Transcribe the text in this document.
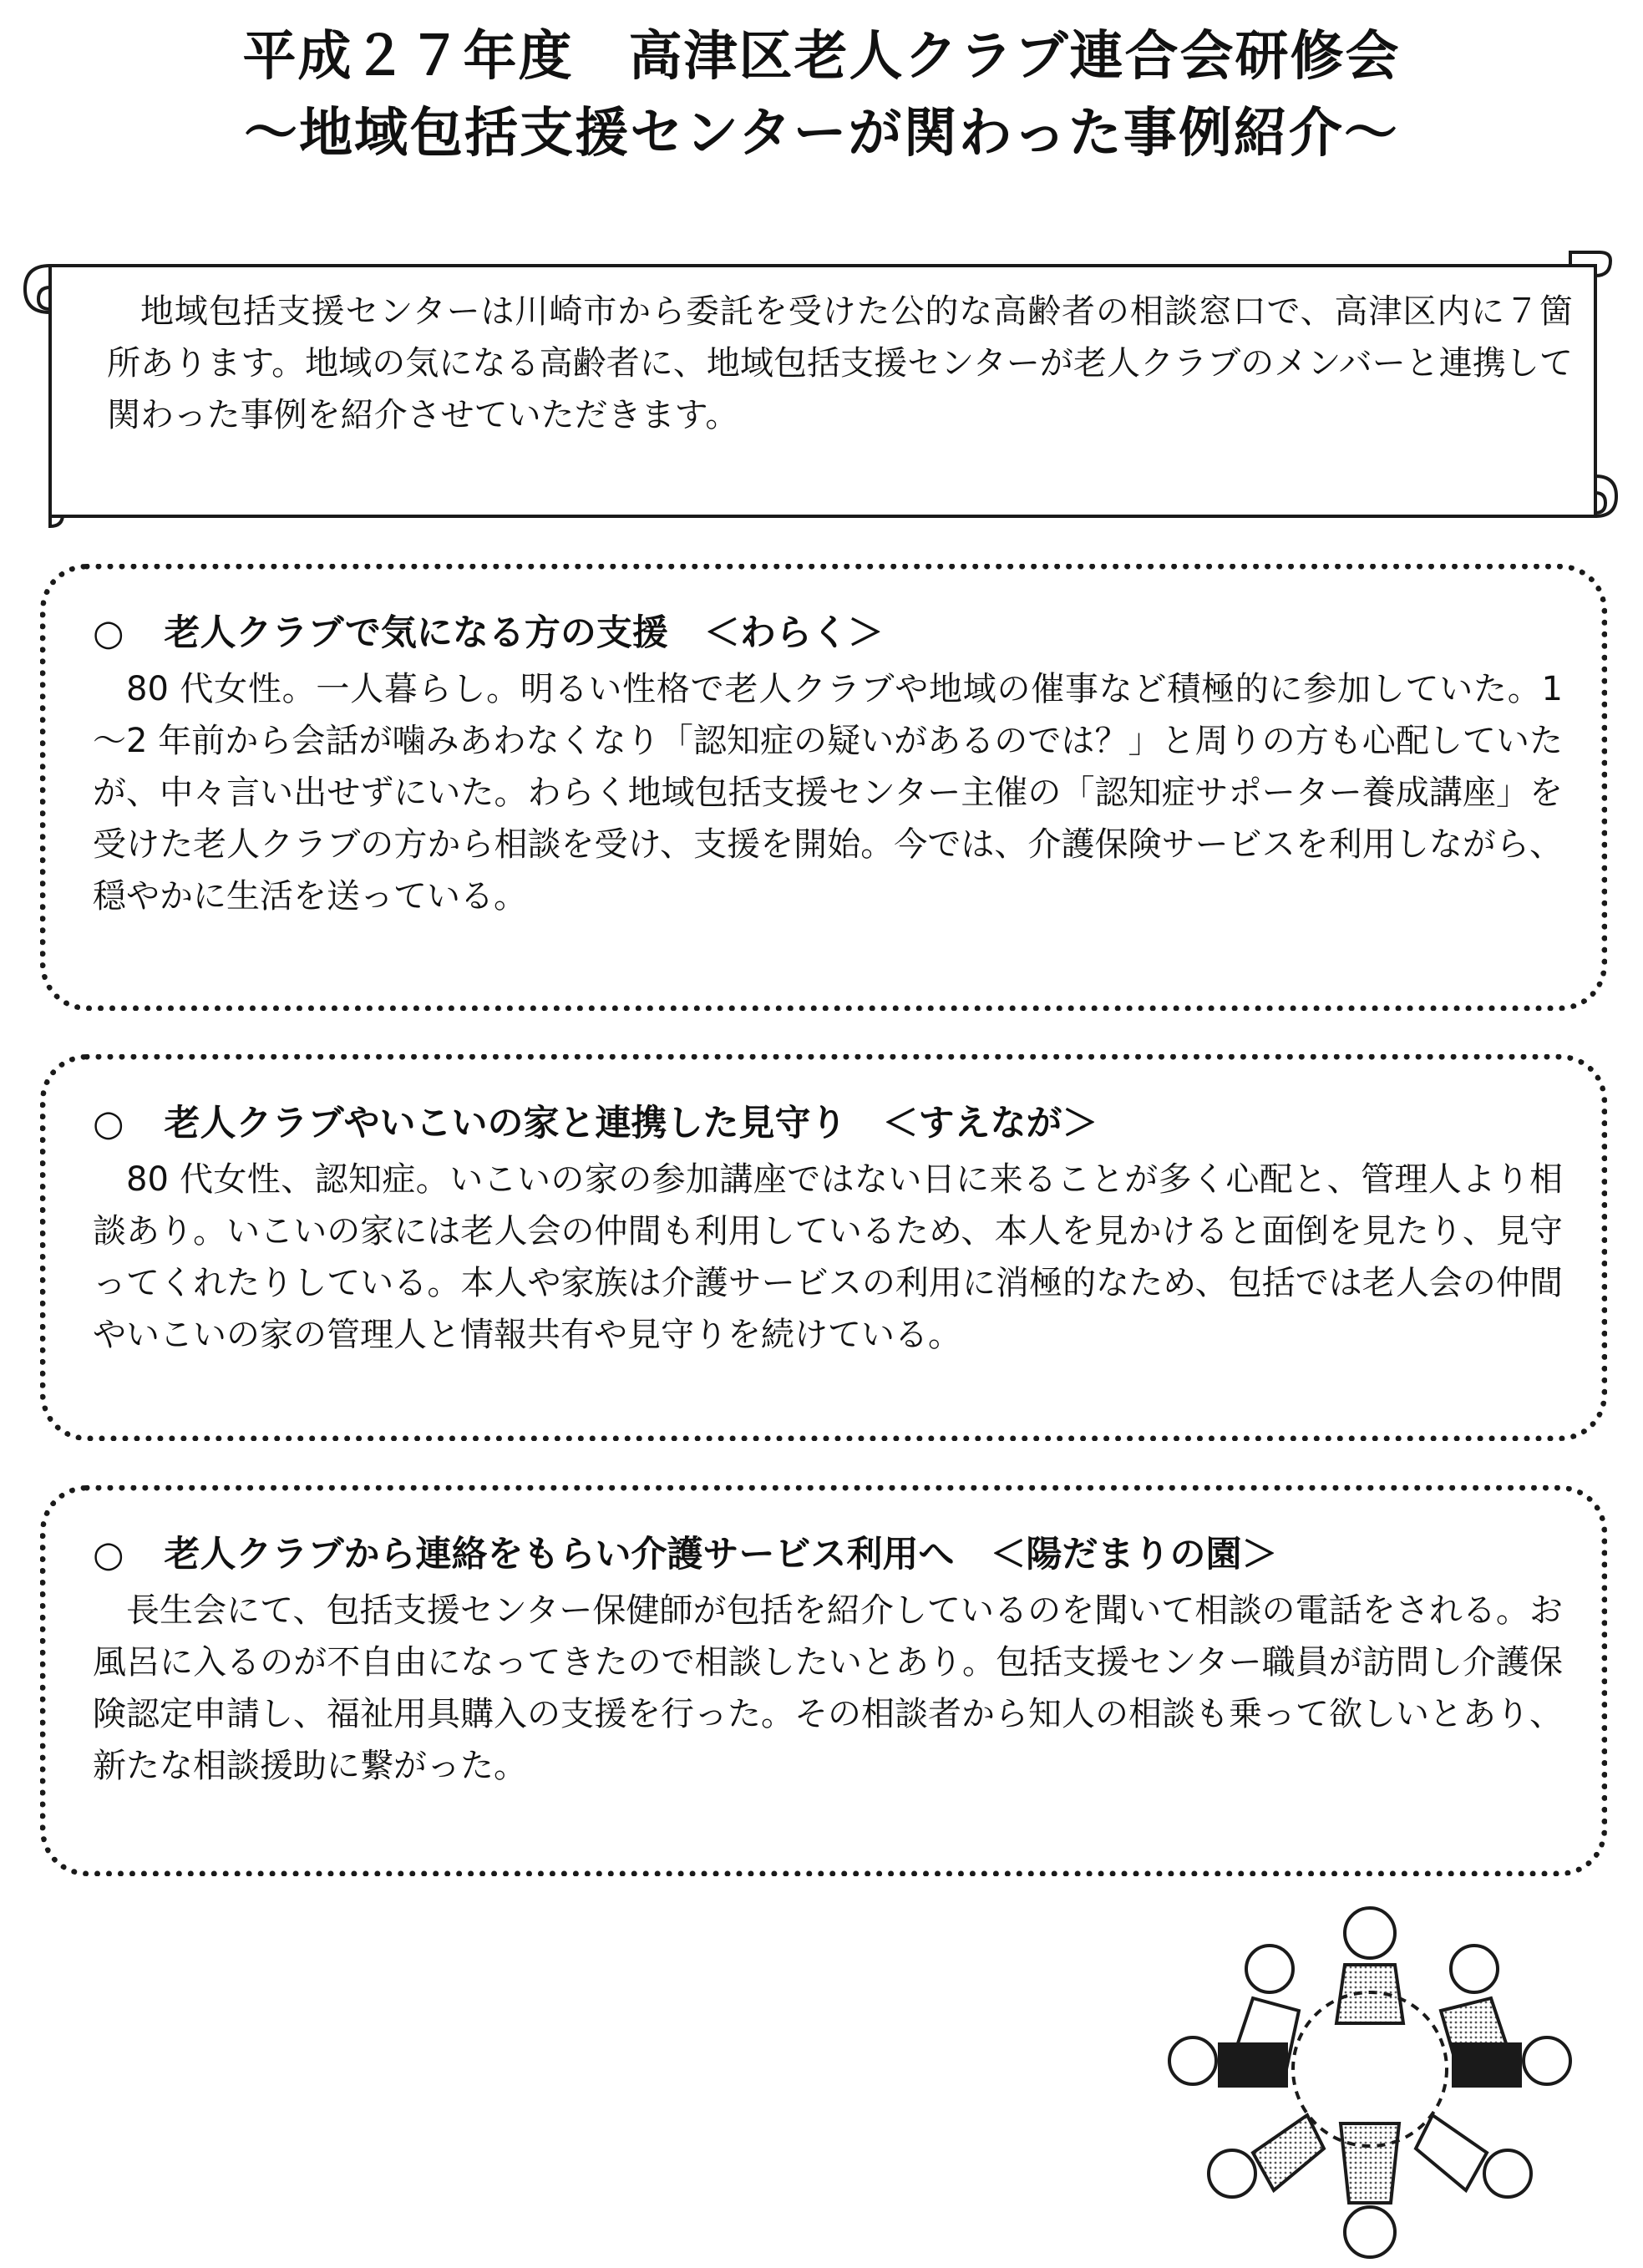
平成２７年度　高津区老人クラブ連合会研修会
～地域包括支援センターが関わった事例紹介～
地域包括支援センターは川崎市から委託を受けた公的な高齢者の相談窓口で、高津区内に７箇所あります。地域の気になる高齢者に、地域包括支援センターが老人クラブのメンバーと連携して関わった事例を紹介させていただきます。
○ 老人クラブで気になる方の支援　＜わらく＞
80 代女性。一人暮らし。明るい性格で老人クラブや地域の催事など積極的に参加していた。1～2 年前から会話が噛みあわなくなり「認知症の疑いがあるのでは？」と周りの方も心配していたが、中々言い出せずにいた。わらく地域包括支援センター主催の「認知症サポーター養成講座」を受けた老人クラブの方から相談を受け、支援を開始。今では、介護保険サービスを利用しながら、穏やかに生活を送っている。
○ 老人クラブやいこいの家と連携した見守り　＜すえなが＞
80 代女性、認知症。いこいの家の参加講座ではない日に来ることが多く心配と、管理人より相談あり。いこいの家には老人会の仲間も利用しているため、本人を見かけると面倒を見たり、見守ってくれたりしている。本人や家族は介護サービスの利用に消極的なため、包括では老人会の仲間やいこいの家の管理人と情報共有や見守りを続けている。
○ 老人クラブから連絡をもらい介護サービス利用へ　＜陽だまりの園＞
長生会にて、包括支援センター保健師が包括を紹介しているのを聞いて相談の電話をされる。お風呂に入るのが不自由になってきたので相談したいとあり。包括支援センター職員が訪問し介護保険認定申請し、福祉用具購入の支援を行った。その相談者から知人の相談も乗って欲しいとあり、新たな相談援助に繋がった。
